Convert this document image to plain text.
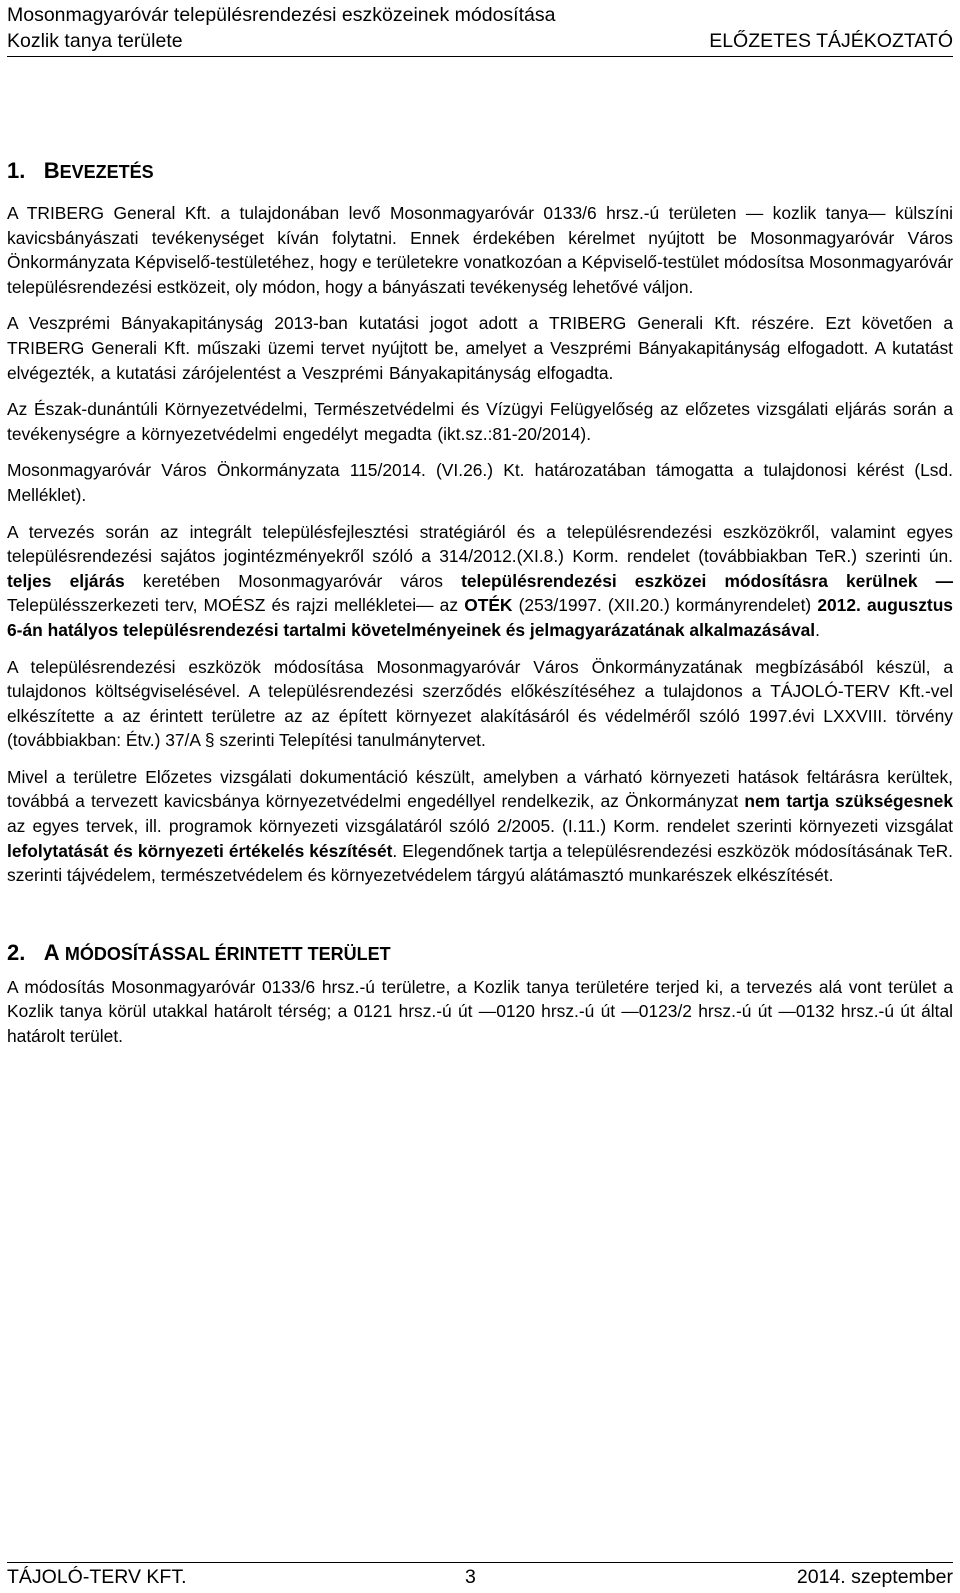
Mosonmagyaróvár településrendezési eszközeinek módosítása
Kozlik tanya területe	ELŐZETES TÁJÉKOZTATÓ
1. BEVEZETÉS

A TRIBERG General Kft. a tulajdonában levő Mosonmagyaróvár 0133/6 hrsz.-ú területen — kozlik tanya— külszíni kavicsbányászati tevékenységet kíván folytatni. Ennek érdekében kérelmet nyújtott be Mosonmagyaróvár Város Önkormányzata Képviselő-testületéhez, hogy e területekre vonatkozóan a Képviselő-testület módosítsa Mosonmagyaróvár településrendezési estközeit, oly módon, hogy a bányászati tevékenység lehetővé váljon.

A Veszprémi Bányakapitányság 2013-ban kutatási jogot adott a TRIBERG Generali Kft. részére. Ezt követően a TRIBERG Generali Kft. műszaki üzemi tervet nyújtott be, amelyet a Veszprémi Bányakapitányság elfogadott. A kutatást elvégezték, a kutatási zárójelentést a Veszprémi Bányakapitányság elfogadta.

Az Észak-dunántúli Környezetvédelmi, Természetvédelmi és Vízügyi Felügyelőség az előzetes vizsgálati eljárás során a tevékenységre a környezetvédelmi engedélyt megadta (ikt.sz.:81-20/2014).

Mosonmagyaróvár Város Önkormányzata 115/2014. (VI.26.) Kt. határozatában támogatta a tulajdonosi kérést (Lsd. Melléklet).

A tervezés során az integrált településfejlesztési stratégiáról és a településrendezési eszközökről, valamint egyes településrendezési sajátos jogintézményekről szóló a 314/2012.(XI.8.) Korm. rendelet (továbbiakban TeR.) szerinti ún. teljes eljárás keretében Mosonmagyaróvár város településrendezési eszközei módosításra kerülnek — Településszerkezeti terv, MOÉSZ és rajzi mellékletei— az OTÉK (253/1997. (XII.20.) kormányrendelet) 2012. augusztus 6-án hatályos településrendezési tartalmi követelményeinek és jelmagyarázatának alkalmazásával.

A településrendezési eszközök módosítása Mosonmagyaróvár Város Önkormányzatának megbízásából készül, a tulajdonos költségviselésével. A településrendezési szerződés előkészítéséhez a tulajdonos a TÁJOLÓ-TERV Kft.-vel elkészítette a az érintett területre az az épített környezet alakításáról és védelméről szóló 1997.évi LXXVIII. törvény (továbbiakban: Étv.) 37/A § szerinti Telepítési tanulmánytervet.

Mivel a területre Előzetes vizsgálati dokumentáció készült, amelyben a várható környezeti hatások feltárásra kerültek, továbbá a tervezett kavicsbánya környezetvédelmi engedéllyel rendelkezik, az Önkormányzat nem tartja szükségesnek az egyes tervek, ill. programok környezeti vizsgálatáról szóló 2/2005. (I.11.) Korm. rendelet szerinti környezeti vizsgálat lefolytatását és környezeti értékelés készítését. Elegendőnek tartja a településrendezési eszközök módosításának TeR. szerinti tájvédelem, természetvédelem és környezetvédelem tárgyú alátámasztó munkarészek elkészítését.

2. A MÓDOSÍTÁSSAL ÉRINTETT TERÜLET

A módosítás Mosonmagyaróvár 0133/6 hrsz.-ú területre, a Kozlik tanya területére terjed ki, a tervezés alá vont terület a Kozlik tanya körül utakkal határolt térség; a 0121 hrsz.-ú út —0120 hrsz.-ú út —0123/2 hrsz.-ú út —0132 hrsz.-ú út által határolt terület.

TÁJOLÓ-TERV KFT.	3	2014. szeptember
